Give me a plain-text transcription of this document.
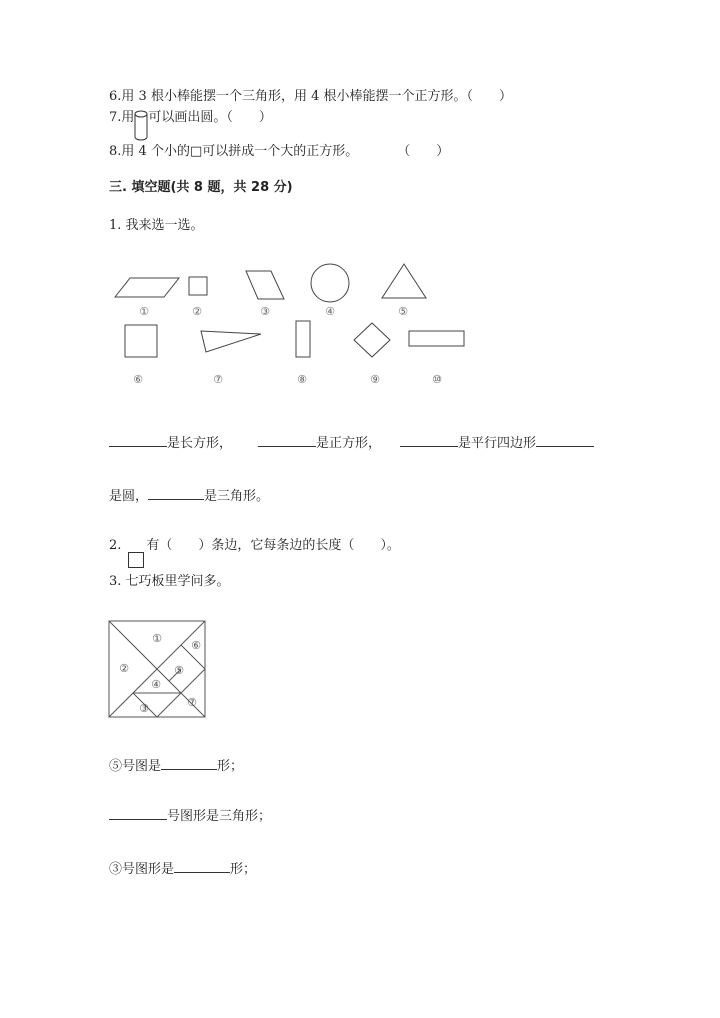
6.用 3 根小棒能摆一个三角形，用 4 根小棒能摆一个正方形。（　　）
7.用 可以画出圆。（　　）
8.用 4 个小的□可以拼成一个大的正方形。　　　　（　　）
三. 填空题(共 8 题，共 28 分)
1. 我来选一选。
①	②	③	④	⑤
⑥	⑦	⑧	⑨	⑩
是长方形，	是正方形，	是平行四边形
是圆，	是三角形。
2. 有（　　）条边，它每条边的长度（　　）。
3. 七巧板里学问多。
①
②
③
④
⑤
⑥
⑦
⑤号图是	形；
号图形是三角形；
③号图形是	形；
